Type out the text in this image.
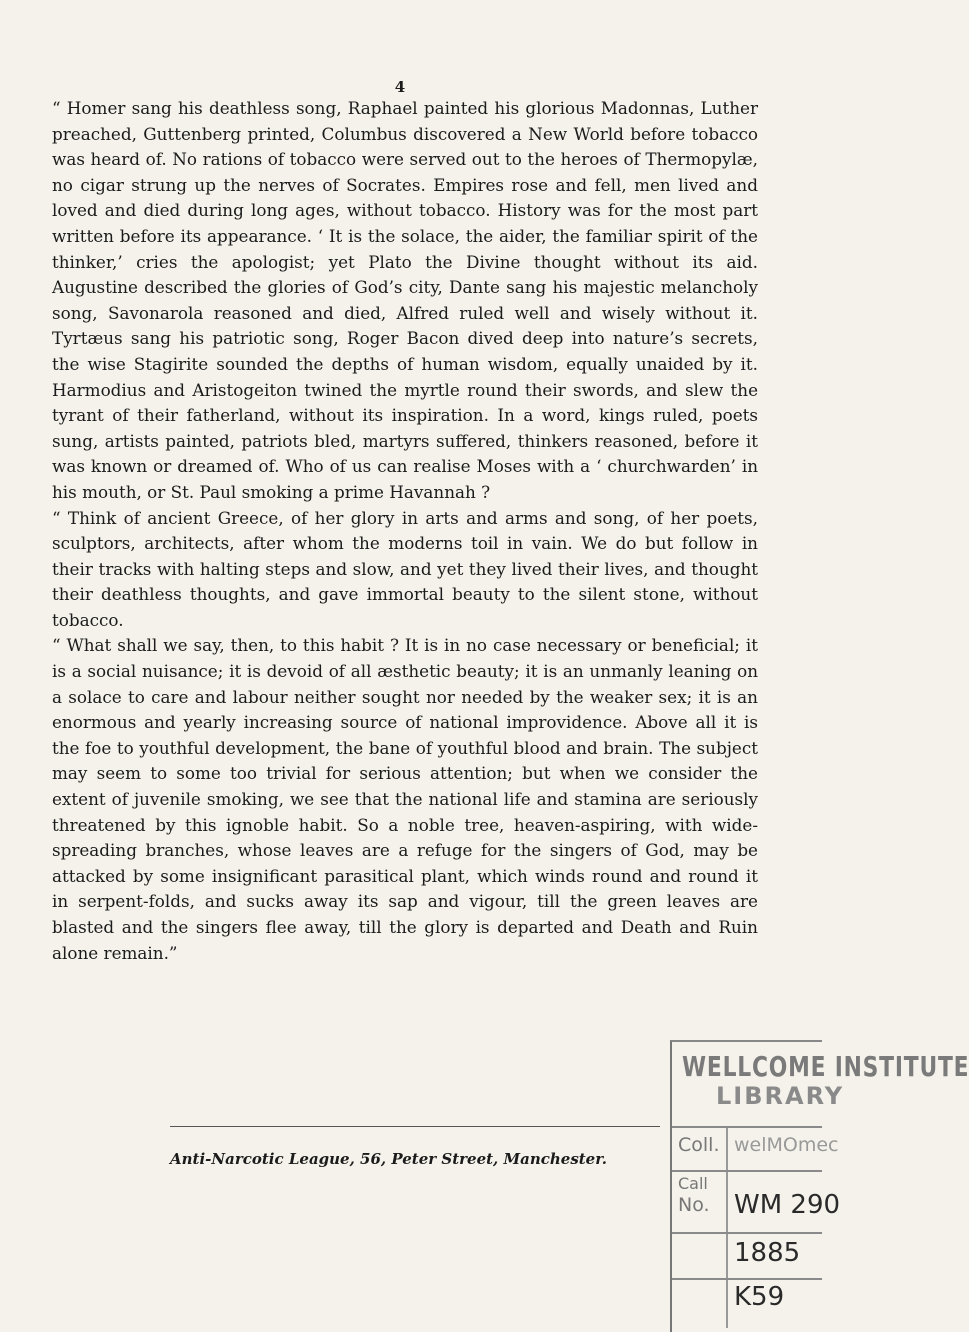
4

“ Homer sang his deathless song, Raphael painted his glorious Madonnas, Luther preached, Guttenberg printed, Columbus discovered a New World before tobacco was heard of. No rations of tobacco were served out to the heroes of Thermopylæ, no cigar strung up the nerves of Socrates. Empires rose and fell, men lived and loved and died during long ages, without tobacco. History was for the most part written before its appearance. ‘ It is the solace, the aider, the familiar spirit of the thinker,’ cries the apologist; yet Plato the Divine thought without its aid. Augustine described the glories of God’s city, Dante sang his majestic melancholy song, Savonarola reasoned and died, Alfred ruled well and wisely without it. Tyrtæus sang his patriotic song, Roger Bacon dived deep into nature’s secrets, the wise Stagirite sounded the depths of human wisdom, equally unaided by it. Harmodius and Aristogeiton twined the myrtle round their swords, and slew the tyrant of their fatherland, without its inspiration. In a word, kings ruled, poets sung, artists painted, patriots bled, martyrs suffered, thinkers reasoned, before it was known or dreamed of. Who of us can realise Moses with a ‘ churchwarden’ in his mouth, or St. Paul smoking a prime Havannah ?

“ Think of ancient Greece, of her glory in arts and arms and song, of her poets, sculptors, architects, after whom the moderns toil in vain. We do but follow in their tracks with halting steps and slow, and yet they lived their lives, and thought their deathless thoughts, and gave immortal beauty to the silent stone, without tobacco.

“ What shall we say, then, to this habit ? It is in no case necessary or beneficial; it is a social nuisance; it is devoid of all æsthetic beauty; it is an unmanly leaning on a solace to care and labour neither sought nor needed by the weaker sex; it is an enormous and yearly increasing source of national improvidence. Above all it is the foe to youthful development, the bane of youthful blood and brain. The subject may seem to some too trivial for serious attention; but when we consider the extent of juvenile smoking, we see that the national life and stamina are seriously threatened by this ignoble habit. So a noble tree, heaven-aspiring, with wide-spreading branches, whose leaves are a refuge for the singers of God, may be attacked by some insignificant parasitical plant, which winds round and round it in serpent-folds, and sucks away its sap and vigour, till the green leaves are blasted and the singers flee away, till the glory is departed and Death and Ruin alone remain.”

Anti-Narcotic League, 56, Peter Street, Manchester.
WELLCOME INSTITUTE
LIBRARY
Coll. welMOmec
Call
No. WM 290
1885
K59
